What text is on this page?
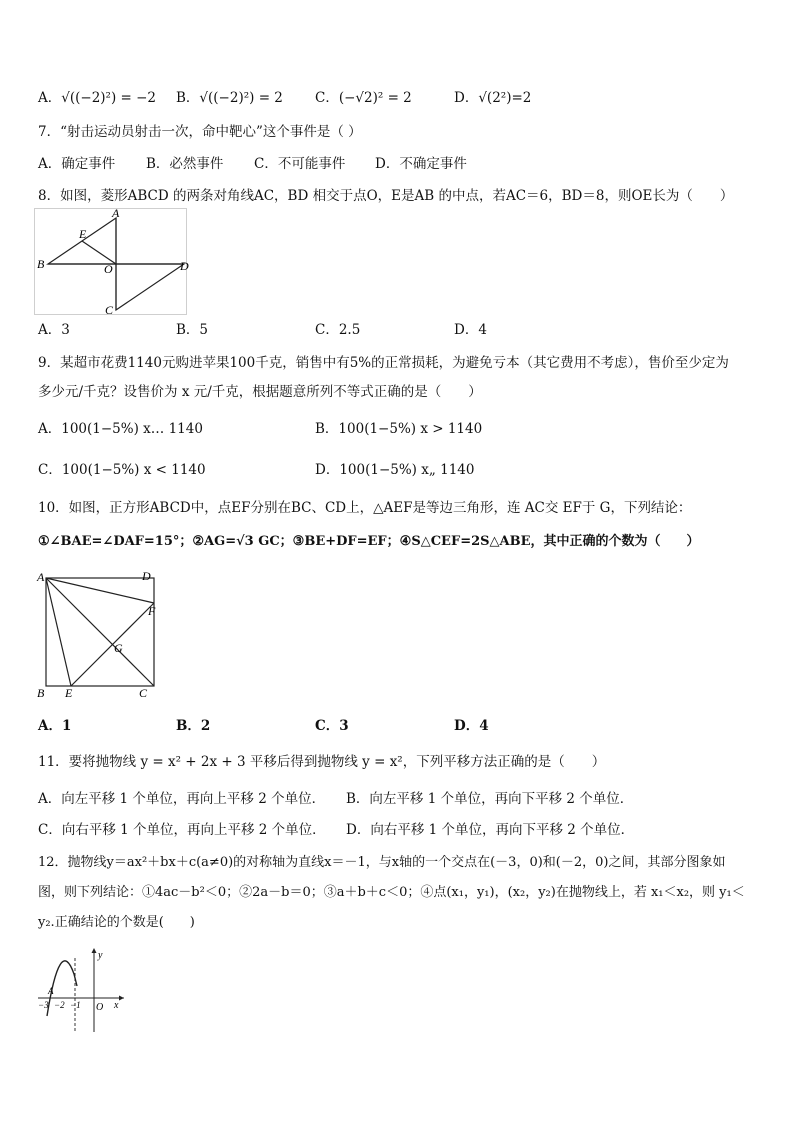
A．√((−2)²) = −2 B．√((−2)²) = 2 C．(−√2)² = 2	D．√(2²)=2
7．“射击运动员射击一次，命中靶心”这个事件是（ ）
A．确定事件 B．必然事件 C．不可能事件 D．不确定事件
8．如图，菱形ABCD 的两条对角线AC，BD 相交于点O，E是AB 的中点，若AC＝6，BD＝8，则OE长为（　　）
A
B
C
D
E
O
A．3	B．5	C．2.5	D．4
9．某超市花费1140元购进苹果100千克，销售中有5%的正常损耗，为避免亏本（其它费用不考虑），售价至少定为
多少元/千克？设售价为 x 元/千克，根据题意所列不等式正确的是（　　）
A．100(1−5%) x… 1140	B．100(1−5%) x > 1140
C．100(1−5%) x < 1140	D．100(1−5%) x„ 1140
10．如图，正方形ABCD中，点EF分别在BC、CD上，△AEF是等边三角形，连 AC交 EF于 G，下列结论：
①∠BAE=∠DAF=15°；②AG=√3 GC；③BE+DF=EF；④S△CEF=2S△ABE，其中正确的个数为（　　）
A
B	C
D
E
F
G
A．1	B．2	C．3	D．4
11．要将抛物线 y = x² + 2x + 3 平移后得到抛物线 y = x²，下列平移方法正确的是（　　）
A．向左平移 1 个单位，再向上平移 2 个单位． B．向左平移 1 个单位，再向下平移 2 个单位．
C．向右平移 1 个单位，再向上平移 2 个单位． D．向右平移 1 个单位，再向下平移 2 个单位．
12．抛物线y＝ax²＋bx＋c(a≠0)的对称轴为直线x＝－1，与x轴的一个交点在(－3，0)和(－2，0)之间，其部分图象如
图，则下列结论：①4ac－b²＜0；②2a－b＝0；③a＋b＋c＜0；④点(x₁，y₁)，(x₂，y₂)在抛物线上，若 x₁＜x₂，则 y₁＜
y₂.正确结论的个数是(　　)
y
x
O
A
−3 −2 −1
